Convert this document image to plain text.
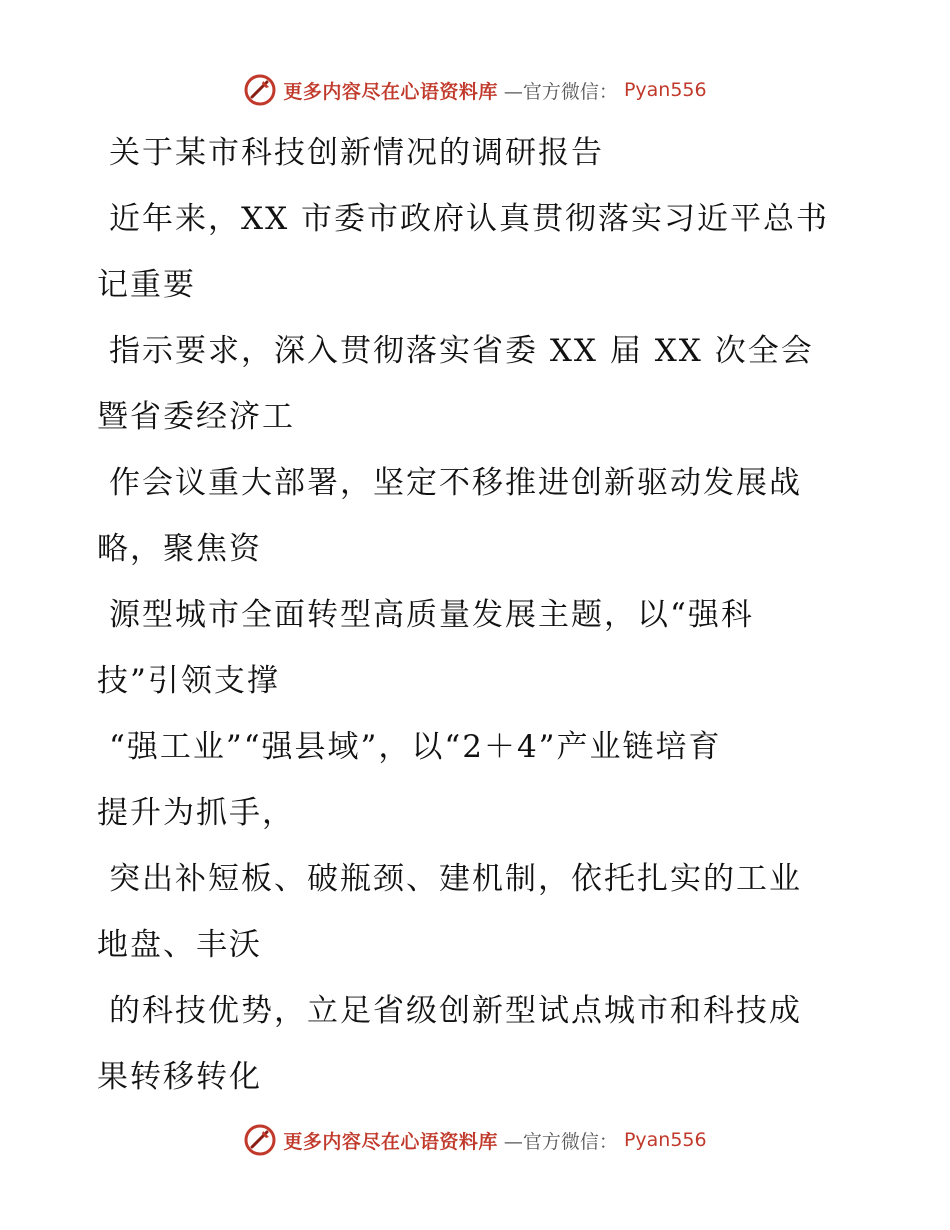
更多内容尽在心语资料库 —官方微信： Pyan556
关于某市科技创新情况的调研报告
近年来，XX 市委市政府认真贯彻落实习近平总书
记重要
指示要求，深入贯彻落实省委 XX 届 XX 次全会
暨省委经济工
作会议重大部署，坚定不移推进创新驱动发展战
略，聚焦资
源型城市全面转型高质量发展主题，以“强科
技”引领支撑
“强工业”“强县域”，以“2＋4”产业链培育
提升为抓手，
突出补短板、破瓶颈、建机制，依托扎实的工业
地盘、丰沃
的科技优势，立足省级创新型试点城市和科技成
果转移转化
更多内容尽在心语资料库 —官方微信： Pyan556
